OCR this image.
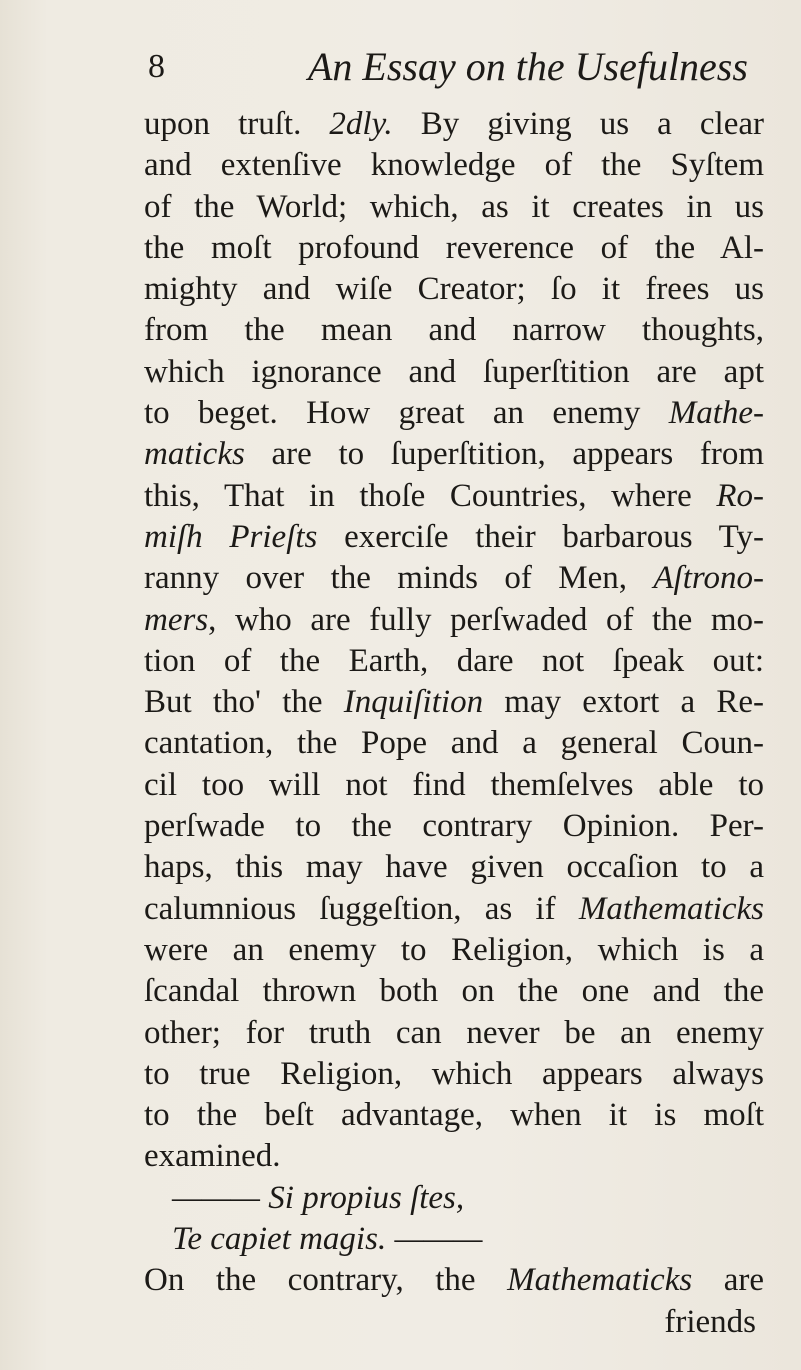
8	An Essay on the Usefulness
upon truſt. 2dly. By giving us a clear
and extenſive knowledge of the Syſtem
of the World; which, as it creates in us
the moſt profound reverence of the Al-
mighty and wiſe Creator; ſo it frees us
from the mean and narrow thoughts,
which ignorance and ſuperſtition are apt
to beget. How great an enemy Mathe-
maticks are to ſuperſtition, appears from
this, That in thoſe Countries, where Ro-
miſh Prieſts exerciſe their barbarous Ty-
ranny over the minds of Men, Aſtrono-
mers, who are fully perſwaded of the mo-
tion of the Earth, dare not ſpeak out:
But tho' the Inquiſition may extort a Re-
cantation, the Pope and a general Coun-
cil too will not find themſelves able to
perſwade to the contrary Opinion. Per-
haps, this may have given occaſion to a
calumnious ſuggeſtion, as if Mathematicks
were an enemy to Religion, which is a
ſcandal thrown both on the one and the
other; for truth can never be an enemy
to true Religion, which appears always
to the beſt advantage, when it is moſt
examined.
——— Si propius ſtes,
Te capiet magis. ———
On the contrary, the Mathematicks are
friends
